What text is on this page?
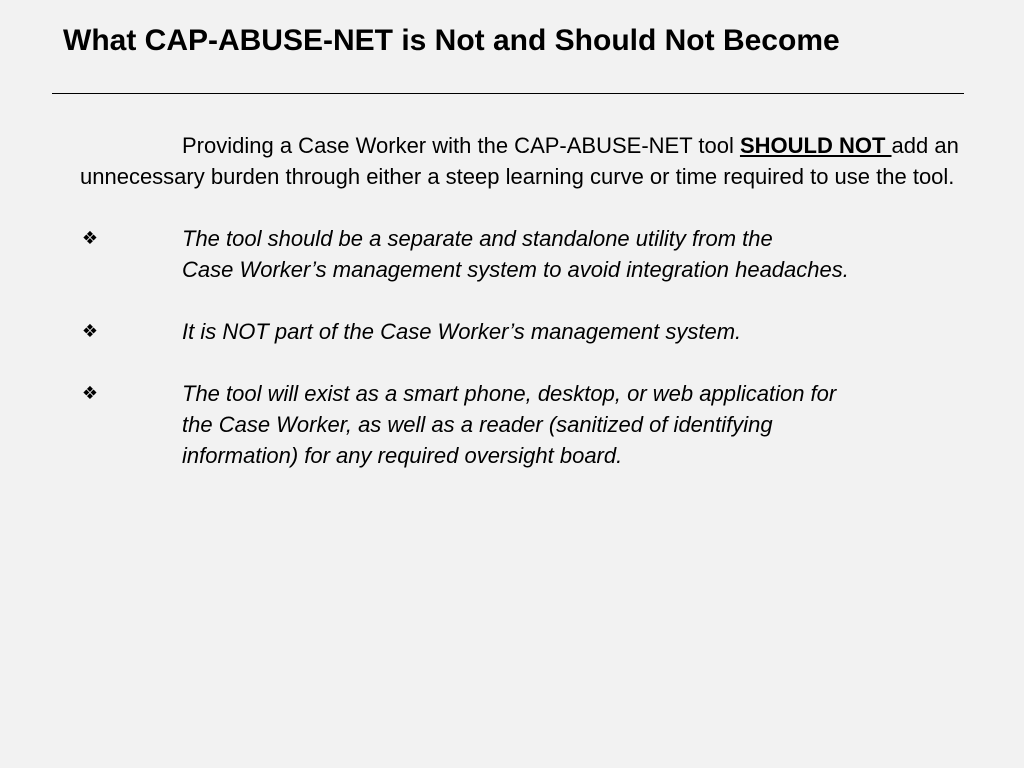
What CAP-ABUSE-NET is Not and Should Not Become

Providing a Case Worker with the CAP-ABUSE-NET tool SHOULD NOT add an unnecessary burden through either a steep learning curve or time required to use the tool.

❖	The tool should be a separate and standalone utility from the
Case Worker’s management system to avoid integration headaches.
❖	It is NOT part of the Case Worker’s management system.
❖	The tool will exist as a smart phone, desktop, or web application for
the Case Worker, as well as a reader (sanitized of identifying
information) for any required oversight board.
